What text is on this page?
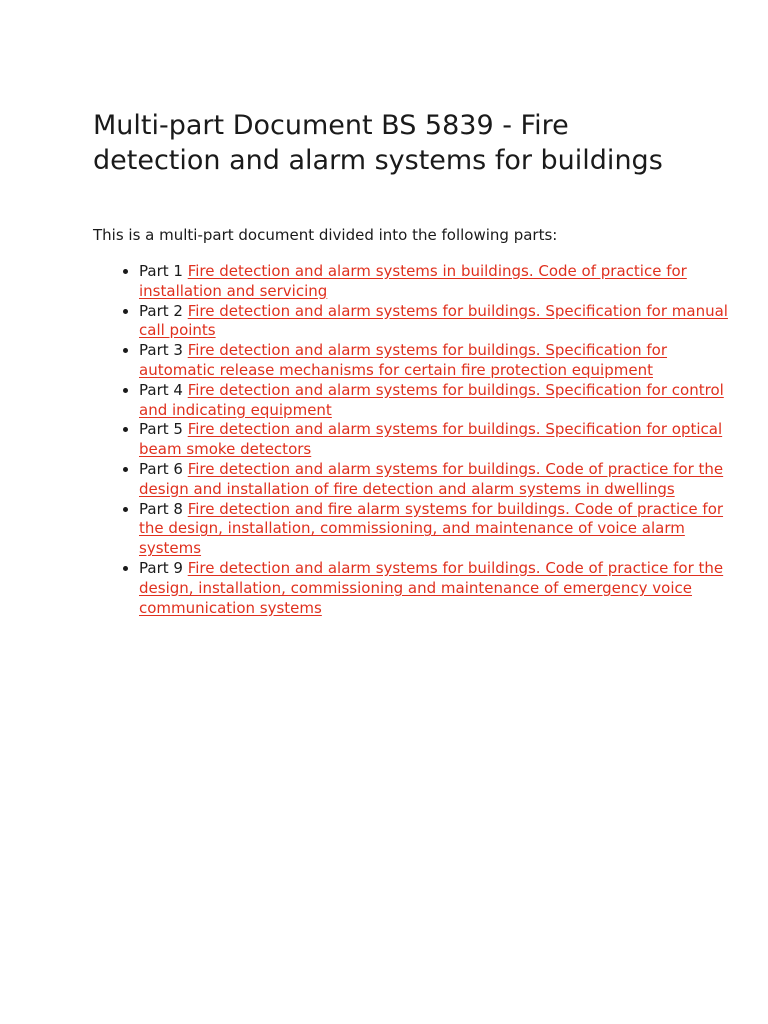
Multi-part Document BS 5839 - Fire detection and alarm systems for buildings

This is a multi-part document divided into the following parts:

• Part 1 Fire detection and alarm systems in buildings. Code of practice for installation and servicing
• Part 2 Fire detection and alarm systems for buildings. Specification for manual call points
• Part 3 Fire detection and alarm systems for buildings. Specification for automatic release mechanisms for certain fire protection equipment
• Part 4 Fire detection and alarm systems for buildings. Specification for control and indicating equipment
• Part 5 Fire detection and alarm systems for buildings. Specification for optical beam smoke detectors
• Part 6 Fire detection and alarm systems for buildings. Code of practice for the design and installation of fire detection and alarm systems in dwellings
• Part 8 Fire detection and fire alarm systems for buildings. Code of practice for the design, installation, commissioning, and maintenance of voice alarm systems
• Part 9 Fire detection and alarm systems for buildings. Code of practice for the design, installation, commissioning and maintenance of emergency voice communication systems
